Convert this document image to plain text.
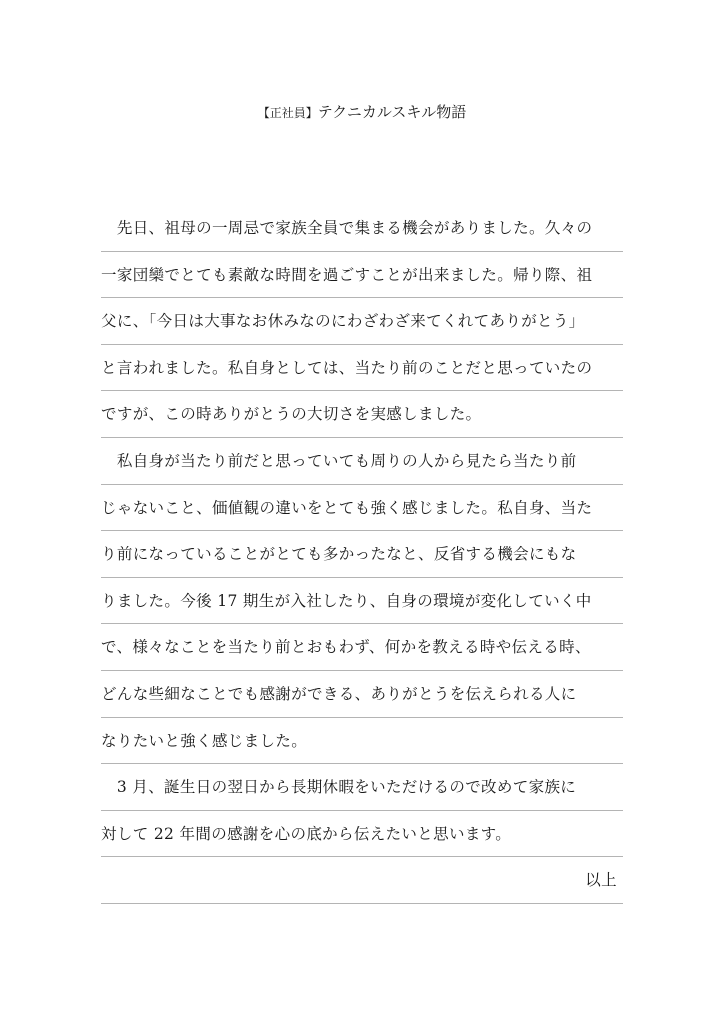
【正社員】テクニカルスキル物語
　先日、祖母の一周忌で家族全員で集まる機会がありました。久々の
一家団欒でとても素敵な時間を過ごすことが出来ました。帰り際、祖
父に、「今日は大事なお休みなのにわざわざ来てくれてありがとう」
と言われました。私自身としては、当たり前のことだと思っていたの
ですが、この時ありがとうの大切さを実感しました。
　私自身が当たり前だと思っていても周りの人から見たら当たり前
じゃないこと、価値観の違いをとても強く感じました。私自身、当た
り前になっていることがとても多かったなと、反省する機会にもな
りました。今後 17 期生が入社したり、自身の環境が変化していく中
で、様々なことを当たり前とおもわず、何かを教える時や伝える時、
どんな些細なことでも感謝ができる、ありがとうを伝えられる人に
なりたいと強く感じました。
　3 月、誕生日の翌日から長期休暇をいただけるので改めて家族に
対して 22 年間の感謝を心の底から伝えたいと思います。
以上
